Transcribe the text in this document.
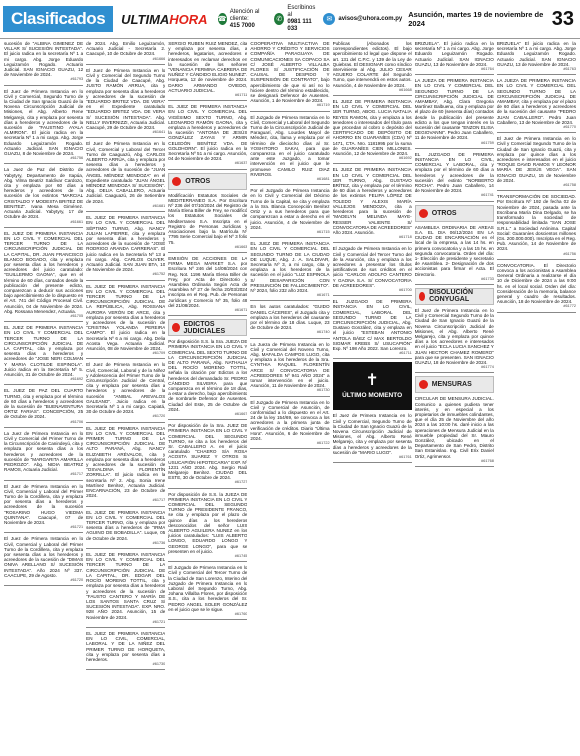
Clasificados	ULTIMAHORA ☎
Atención al cliente:
415 7000
✆
Escríbinos al
0981 111 033
✉	avisos@uhora.com.py Asunción, martes 19 de noviembre de 2024	33
sucesión de "ALBINA GIMENEZ DE VILLAR S/ SUCESIÓN INTESTADA". El juicio radica en la secretaría Nº 1 a mi cargo. Abg. Jorge Eduardo Leguizamón Rogado. Actuario Judicial. SAN IGNACIO GUAZU, 12 de Noviembre de 2024.
#61793
El Juez de Primera Instancia en lo Civil y Comercial, Segundo Turno de la Ciudad de San Ignacio Guazú de la Novena Circunscripción Judicial de Misiones, el Abg. Alberto Rene Melgarejo, cita y emplaza por sesenta días a herederos y acreedores de la sucesión de "FAUSTINO AYALA ALMIRON". El juicio radica en la secretaría Nº 1 a mi cargo. Abg. Jorge Eduardo Leguizamón Rogado. Actuario Judicial. SAN IGNACIO GUAZU, 8 de Noviembre de 2024.
#61756
La Juez de Paz del Distrito de Yabytyry, Departamento de Itapúa, Abg. Vilma Beatriz Saldívar Cardozo, cita y emplaza por 60 días a herederos y acreedores de la sucesión de los extintos "MARCIAL CRISTALDO Y MODESTA BRITEZ DE BENITEZ". Ivana Mesa Giménez. Actuaria Judicial. Yabytyry, 17 de Octubre de 2024.
#61661
EL JUEZ DE PRIMERA INSTANCIA EN LO CIVIL Y COMERCIAL DEL TERCER TURNO DE LA CIRCUNSCRIPCIÓN JUDICIAL DE LA CAPITAL, DR. JUAN FRANCISCO BLANCO BOGADO, cita y emplaza por sesenta días a los herederos y acreedores del juicio caratulado: "GUILLERMO GAONA", que en el término de 60 días, contados desde la publicación del presente edicto, comparezcan a deducir sus acciones bajo apercibimiento de lo dispuesto en el Art. 741 del Código Procesal Civil. Asunción, 04 de Noviembre de 2024. Abg. Rossana Menendez, Actuaria.
#61705
EL JUEZ DE PRIMERA INSTANCIA EN LO CIVIL Y COMERCIAL DEL TERCER TURNO DE LA CIRCUNSCRIPCIÓN JUDICIAL DE LA CAPITAL, cita y emplaza por sesenta días a herederos y acreedores de "JOSE NERI COLMAN Y MARIA CLOTILDE ESPINOLA". Juicio radica en la Secretaría Nº 5. Asunción, 31 de Octubre de 2024.
#61692
EL JUEZ DE PAZ DEL CUARTO TURNO, cita y emplaza por el término de 60 días a herederos y acreedores de la sucesión de "BUENAVENTURA ORTIZ FARIAS". CONCEPCIÓN, 25 de Octubre de 2024.
#61706
La Juez de Primera Instancia en lo Civil y Comercial del Primer Turno de la Circunscripción de Canindeyú, cita y emplaza por sesenta días a los herederos y acreedores de la sucesión de "MARGARITA AMARILLA PEDROZO". Abg. NIDIA BEATRIZ RAMOS, Actuaria Judicial.
#61717
El Juez de Primera Instancia en lo Civil, Comercial y Laboral del Primer Turno de la Cordillera, cita y emplaza por sesenta días a herederos y acreedores de la sucesión "ROSARINO HUGO VIEDMA QUINTANA". Caacupé, 07 de Noviembre de 2024.
#61721
El Juez de Primera Instancia en lo Civil, Comercial y Laboral del Primer Turno de la Cordillera, cita y emplaza por sesenta días a los herederos y acreedores de la sucesión de "DIMAS ONIVA ARELLANO S/ SUCESIÓN INTESTADA". Año 2024 Nº 337. CAACUPE, 29 de Agosto.
#61720
de 2024. Abg. Emilio Leguizamón, Actuario Judicial - Secretaría 2. Caacupé, 10 de Octubre de 2024.
#61666
El Juez de Primera Instancia en lo Civil y Comercial del Segundo Turno de la Ciudad de Caacupé, Abg. JUSTO RAMÓN ARRUA, cita y emplaza por sesenta días a herederos y acreedores de la sucesión de "EDUARDO BRITEZ VDA. DE VERA" en el Expediente caratulado "EDUARDO BRITEZ VDA. DE VERA S/ SUCESIÓN INTESTADA". Abg. NELLY INVERNIZZI, Actuaria Judicial. Caacupé, 29 de Octubre de 2024.
#61641
El Juez de Primera Instancia en lo Civil, Comercial y Laboral del Tercer Turno de Caaguazú, Abg. CARLOS ALBERTO ARRÚA, cita y emplaza por sesenta días a herederos y acreedores de la sucesión de "JUAN ÁNGEL MÉNDEZ MENDOZA" en el Expediente caratulado "JUAN ÁNGEL MÉNDEZ MENDOZA S/ SUCESIÓN". Abg. DELIA CABALLERO, Actuaria Judicial. Caaguazú, 26 de Setiembre de 2024.
#61681
EL JUEZ DE PRIMERA INSTANCIA EN LO CIVIL Y COMERCIAL DEL SÉPTIMO TURNO, Abg. NANCY JULIAN LAPIERRE, cita y emplaza por sesenta días a herederos y acreedores de la sucesión de "JOSÉ RODRIGO ARANDA CARRERAS". El juicio radica en la Secretaría Nº 13 a mi cargo. Abg. CARLOS OLIVER. Actuario Judicial. SAN JUAN BTA, 10 de Noviembre de 2024.
#61752
EL JUEZ DE PRIMERA INSTANCIA EN LO CIVIL Y COMERCIAL DEL TERCER TURNO DE LA CIRCUNSCRIPCIÓN JUDICIAL DE LA REPÚBLICA, Abg. ROSSANA AURORA VERÓN DE ARCE, cita y emplaza por sesenta días a herederos y acreedores de la sucesión de "CRISTINA YOLANDA PEREIRA CAMPO". El juicio radica en la Secretaría Nº 6 a mi cargo. Abg. Delia Acosta Vega. Actuaria Judicial. Asunción, 08 de Noviembre de 2024.
#61709
El Juez de Primera Instancia en lo Civil, Comercial, Laboral y de la Niñez y Adolescencia del Primer Turno de la Circunscripción Judicial de Central, cita y emplaza por sesenta días a herederos y acreedores de la sucesión "ANIBAL AREVALOS GALEANO". Juicio radica en la Secretaría Nº 1 a mi cargo. Capiatá, 30 de Octubre de 2024.
#61720
EL JUEZ DE PRIMERA INSTANCIA EN LO CIVIL Y COMERCIAL DEL PRIMER TURNO DE LA CIRCUNSCRIPCIÓN JUDICIAL DE ALTO PARANÁ, Abg. NANCY ELIZABETH ARÉVALOS, cita y emplaza por sesenta días a herederos y acreedores de la sucesión de "OSVALDINA FLORENTÍN ZORRILLA". El juicio radica en la secretaría Nº 2. Abg. Sonia Irene Martínez Benítez, Actuaria Judicial. ENCARNACIÓN, 23 de Octubre de 2024.
#61717
EL JUEZ DE PRIMERA INSTANCIA EN LO CIVIL Y COMERCIAL DEL TERCER TURNO, cita y emplaza por sesenta días a herederos de "IRMA AGUINO DE BOBADILLA". Luque, 05 de Octubre de 2024.
#61736
EL JUEZ DE PRIMERA INSTANCIA EN LO CIVIL Y COMERCIAL DEL TERCER TURNO DE LA CIRCUNSCRIPCIÓN JUDICIAL DE LA CAPITAL, DR. EDGAR DEL ROCÍO MORENO TOTTIL, cita y emplaza por sesenta días a herederos y acreedores de la sucesión de "FAUSTO CANTERO Y MARÍA DE LOS SANTOS SANTA CRUZ S/ SUCESIÓN INTESTADA". EXP. NRO. 928 AÑO 2024. Asunción, 15 de Noviembre de 2024.
#61721
EL JUEZ DE PRIMERA INSTANCIA EN LO CIVIL, COMERCIAL, LABORAL Y DE LA NIÑEZ DEL PRIMER TURNO DE HORQUETA, cita y emplaza por sesenta días a herederos.
#61730
SERGIO RUBEN RUIZ MENDEZ, cita y emplaza por sesenta días, a herederos, legatarios, acreedores e interesados en reclamar derechos en la sucesión de los señores "VENANCIA FERMINA CABRERA DE NUÑEZ Y CÁNDIDO ELIGIO NUNEZ". Horqueta, 12 de noviembre de 2024. DARIO ARMANDO OVIEDO, ACTUARIO JUDICIAL.
#61711
EL JUEZ DE PRIMERA INSTANCIA EN LO CIVIL Y COMERCIAL DEL VIGÉSIMO SEXTO TURNO, Abg. LEONARDO RAMÓN GAONA, cita y emplaza a herederos y acreedores de la sucesión "ANTONIA DE JESÚS GONZÁLEZ ZAYAS Y ARMIN CELEDÓN BENÍTEZ VDA. DE GOLDHORN". El juicio radica en la Secretaría Nº 51 a mi cargo. Asunción, 04 de Noviembre de 2024.
#61637
OTROS
Modificación Estatutos Sociales de MEDITERRANEO S.A. Por Escritura Nº 236 del 07/10/2024 del Registro de María Elena Biller de Frey, se modificó los Estatutos Sociales de Mediterraneo S.A. Inscripta en el Registro de Personas Jurídicas y Asociaciones bajo la Matrícula Nº 7795 Serie Comercial bajo el Nº 3 folio 75.
#61663
EMISIÓN DE ACCIONES DE LA FIRMA MEGA MARKET S.A. por Escritura Nº 246 del 14/08/2024 con Reg. Not. 1196 María Elena Biller de Frey, por Acta de Directorio y Asamblea Ordinaria Según Acta de Asamblea Nº 27 de fecha 20/03/2024 inscripta en el Reg. Pub. de Personas Jurídicas y Comercio Nº 35, folio 48 del 21/08/2024.
#61671
EDICTOS JUDICIALES
Por disposición S.S. la Sra. JUEZA DE PRIMERA INSTANCIA EN LO CIVIL Y COMERCIAL DEL SEXTO TURNO DE LA CIRCUNSCRIPCIÓN JUDICIAL DE ALTO PARANÁ, Abg. NATHALIA DEL ROCÍO MORENO TOTTIL, señala la citación por Edictos a los herederos del demandado Sr. PEDRO CÁNDIDO SILVEIRA para que comparezca en el término de 18 días, a estar a derecho, bajo apercibimiento de nombrarle Defensor de Ausentes. Ciudad del Este, 25 de Octubre de 2024.
#61667
Por disposición de la Sra. JUEZ DE PRIMERA INSTANCIA EN LO CIVIL Y COMERCIAL DEL SEGUNDO TURNO, se cita a los herederos del Sr. CABALLERO A. en el juicio caratulado "CHAERO S/A ROSA ACOSTA SUAREZ Y OTROS S/ USUCAPIÓN HIPOTECARIA" EXP. Nº 1231 AÑO 2024. Abg. Sergio Raúl Melgarejo Benítez. CIUDAD DEL ESTE, 30 de Octubre de 2024.
#61727
Por disposición de S.S. la JUEZA DE PRIMERA INSTANCIA EN LO CIVIL Y COMERCIAL DEL SEGUNDO TURNO de PRESIDENTE FRANCO, se cita y emplaza por el plazo de quince días a los herederos desconocidos del señor LUIS ALBERTO AGUILERA NUNEZ en los juicios caratulados: "LUIS ALBERTO LONGO, EDUARDO LONGO Y GEORGE LONGO", para que se presenten en el juicio.
#61745
El Juzgado de Primera Instancia en lo Civil y Comercial del Tercer Turno de la Ciudad de San Lorenzo, Interino del Juzgado de Primera Instancia en lo Laboral del Segundo Turno, Abg. Johana Villalba Flores, por disposición S.S., cita a los herederos del Sr. PEDRO ANGEL SOLER GONZÁLEZ en el juicio que se le sigue.
#61760
COOPERATIVA MULTIACTIVA DE AHORRO Y CRÉDITO Y SERVICIOS COMPAÑÍA PARAGUAYA DE COMUNICACIONES SA COPACO SA C/ JOSÉ ALBERTO VILLALBA FLORES S/ JUSTIFICACIÓN DE CAUSAL DE DESPIDO Y SUSPENSIÓN DE CONTRATO", bajo apercibimiento de que si así no lo hiciere dentro del término establecido, se designará Defensor de Ausentes. Asunción, 1 de Noviembre de 2024.
#61719
El Juzgado de Primera Instancia en lo Civil, Comercial y Laboral del Segundo Turno de la Circunscripción Judicial de Paraguarí, Abg. Lourdes Mayol de Méndez, cita, llama y emplaza por el término de dieciocho días al Sr. YOSHITORO SAKAI, para que comparezca en el juicio caratulado ante este Juzgado, a tomar intervención en el juicio que le promueve CAMILO RUIZ DIAZ RIVEROS.
#61681
Por el Juzgado de Primera Instancia en lo Civil y Comercial del Décimo Turno de la Capital, se cita y emplaza a la Sra. Blanca Concepción Benítez Ortiz y a sus herederos para que comparezcan a estar a derecho en el juicio. Asunción, 4 de Noviembre de 2024.
#61715
EL JUEZ DE PRIMERA INSTANCIA EN LO CIVIL Y COMERCIAL DEL SEGUNDO TURNO DE LA CIUDAD DE LUQUE, Abg. J. A. SALDIVAR, Secretaría Nº 3, a mi cargo, cita y emplaza a los herederos de la sucesión en el juicio "LUZ ESPINOLA S/ DESAPARICIÓN CON PRESUNCIÓN DE FALLECIMIENTO". Nº 2024, folio 232 año 2024.
#61671
En los autos caratulados: "GUIDO DANIEL CÁCERES", el Juzgado cita y emplaza a los herederos del causante por el término de 18 días. Luque, 23 de Octubre de 2024.
#61740
La Jueza de Primera Instancia en lo Civil y Comercial del Noveno Turno, Abg. MAFALDA CAMPOS LUGO, cita y emplaza a los herederos de la Sra. CYNTHIA RAQUEL FLORENTÍN ARCE S/ CONVOCATORIA DE ACREEDORES Nº 941 AÑO 2024" a tomar intervención en el juicio. Asunción, 11 de Noviembre de 2024.
#61730
El Juzgado de Primera Instancia en lo Civil y Comercial de Asunción, de conformidad a lo dispuesto en el Art. 24 de la ley 154/69, se convoca a los acreedores a la primera junta de verificación de créditos. Diario "Última Hora". Asunción, 6 de Noviembre de 2024.
#61722
Publicas (Abonados los correspondientes edictos). El bajo apercibimiento Id legal que dispone el art. 131 del C.P.C. y 139 de la Ley de Quiebras. El DESIGNAR como síndico interviniente al Abg. JULIO CESAR AGUERO COLARTE del Segundo Turno, que intervendrá en estos autos. Asunción, 4 de Noviembre de 2024.
#61668
EL JUEZ DE PRIMERA INSTANCIA EN LO CIVIL Y COMERCIAL DEL 1ER TURNO, ABOG. LUCIA NATALIA REYES RAMON, cita y emplaza a los tenedores o interesados del título para que procedan al cobro o depósito del CERTIFICADO DE DEPÓSITO DE AHORRO EN GUARANÍES (CDA) Nº 1471, CTA. Nro. 1181995 por la suma de GUARANÍES CIEN MILLONES. Asunción, 12 de Noviembre de 2024.
#61692
EL JUEZ DE PRIMERA INSTANCIA EN LO CIVIL Y COMERCIAL DEL 1ER TURNO, Abg. GUSTAVO BRÍTEZ, cita y emplaza por el término de 60 días a herederos y acreedores de los extintos FELIPA LÓPEZ DE TOLEDO Y ALEXIS MARÍA VALLEJOS MENDOZA, cita a herederos para la sucesión de "MADELYN MELINDA MAYE-RESSER VALIENTE S/ CONVOCATORIA DE ACREEDORES" Año 2024. Asunción.
#61718
El Juzgado de Primera Instancia en lo Civil y Comercial del Tercer Turno del de la Asunción, cita y emplaza a los acreedores a presentar los títulos justificativos de sus créditos en el juicio "CARLOS ADOLFO CANTERO Y GAONA S.A. S/ CONVOCATORIA DE ACREEDORES".
#61700
EL JUZGADO DE PRIMERA INSTANCIA EN LO CIVIL, COMERCIAL, LABORAL DEL SEGUNDO TURNO DE LA CIRCUNSCRIPCIÓN JUDICIAL, Abg. Gustavo González, cita y emplaza en el juicio "ESTEBAN ANTONIO ANTOLA BÁEZ C/ MAX BERTOLDO SIGMAR KREBS S/ USUCAPIÓN" Exp. Nº 198 Año 2022. San Lorenzo.
#61711
✝
ÚLTIMO MOMENTO
El Juez de Primera Instancia en lo Civil y Comercial, Segundo Turno de la Ciudad de San Ignacio Guazú de la Novena Circunscripción Judicial de Misiones, el Abg. Alberto René Melgarejo, cita y emplaza por sesenta días a herederos y acreedores de la sucesión de "MARIO LUGO".
#61761
BRIZUELA". El juicio radica en la secretaría Nº 1 a mi cargo. Abg. Jorge Eduardo Leguizamón Rogado. Actuario Judicial. SAN IGNACIO GUAZU, 13 de Noviembre de 2024.
#61764
LA JUEZA DE PRIMERA INSTANCIA EN LO CIVIL Y COMERCIAL DEL SEGUNDO TURNO DE LA CIRCUNSCRIPCIÓN JUDICIAL DE AMAMBAY, Abg. Clara Gregoria Martínez Balbuena, cita y emplaza por el plazo de 60 (sesenta días) contados desde la publicación del presente edicto a los que tengan interés en la sucesión del causante "ENZON ELISA DEGIOVANNI". Pedro Juan Caballero, 11 de Noviembre de 2024.
#61759
EL JUZGADO DE PRIMERA INSTANCIA EN LO CIVIL, COMERCIAL Y LABORAL, cita y emplaza por el término de 60 días a herederos y acreedores de la sucesión del extinto "NORBERTO ROCHA". Pedro Juan Caballero, 14 de Noviembre de 2024.
#61741
OTROS
ASAMBLEA ORDINARIA DE AREAS S.A. EL DIA 06/12/2024 EN LA CIUDAD DE ENCARNACIÓN en el local de la empresa, a las 14 hs. en primera convocatoria y a las 15 hs. en segunda convocatoria. Orden del día: 1- Elección de presidente y secretario de Asamblea. 2- Designación de dos accionistas para firmar el Acta. El Directorio.
#61733
DISOLUCIÓN CONYUGAL
El Juez de Primera Instancia en lo Civil y Comercial Segundo Turno de la Ciudad de San Ignacio Guazú de la Novena Circunscripción Judicial de Misiones, el Abg. Alberto René Melgarejo, cita y emplaza por quince días a los acreedores e interesados en el juicio "ECLA LUCIA SANCHEZ Y JUAN HECTOR CHAMEZ ROMERO" para que se presenten. SAN IGNACIO GUAZU, 18 de Noviembre de 2024.
#61774
MENSURAS
CIRCULAR DE MENSURA JUDICIAL. Comunico a quienes pudiera tener interés, y en especial a los propietarios de inmuebles colindantes, que el día 25 de Noviembre del año 2024 a las 10:00 hs. daré inicio a las operaciones de Mensura Judicial en la inmueble propiedad del Sr. Mauro González, ubicado en el Departamento de San Pedro, Distrito San Estanislao. Ing. Civil Erix Daniel Ortiz, Agrimensor.
#61768
BRIZUELA" El juicio radica en la secretaría Nº 1 a mi cargo. Abg. Jorge Eduardo Leguizamón Rogado. Actuario Judicial. SAN IGNACIO GUAZU, 13 de Noviembre de 2024.
#61763
LA JUEZA DE PRIMERA INSTANCIA EN LO CIVIL Y COMERCIAL DEL SEGUNDO TURNO DE LA CIRCUNSCRIPCIÓN JUDICIAL DE AMAMBAY, cita y emplaza por el plazo de 60 días a herederos y acreedores de la sucesión del causante "PEDRO JUAN CABALLERO". Pedro Juan Caballero, 13 de Noviembre de 2024.
#61770
El Juez de Primera Instancia en lo Civil y Comercial Segundo Turno de la Ciudad de San Ignacio Guazú, cita y emplaza por quince días a los acreedores e interesados en el juicio "ROQUE DAVID RAMOS Y LEONOR MARÍA DE JESÚS VEGA". SAN IGNACIO GUAZU, 15 de Noviembre de 2024.
#61758
TRANSFORMACIÓN DE SOCIEDAD. Por Escritura Nº 192 de fecha 02 de Noviembre de 2024, pasada ante la Escribana María Dina Delgado, se ha transformado la sociedad de responsabilidad limitada "SAN JOSE S.R.L." a Sociedad Anónima. Capital Social: Guaraníes doscientos millones (Gs. 200.000.000). Inscripta en el Reg. Pub. Asunción, 14 de Noviembre de 2024.
#61756
CONVOCATORIA. El Directorio convoca a los accionistas a Asamblea General Ordinaria a realizarse el día 10 de Diciembre de 2024 a las 9:00 hs. en el local social. Orden del día: Consideración de la memoria, balance general y cuadro de resultados. Asunción, 18 de Noviembre de 2024.
#61772
